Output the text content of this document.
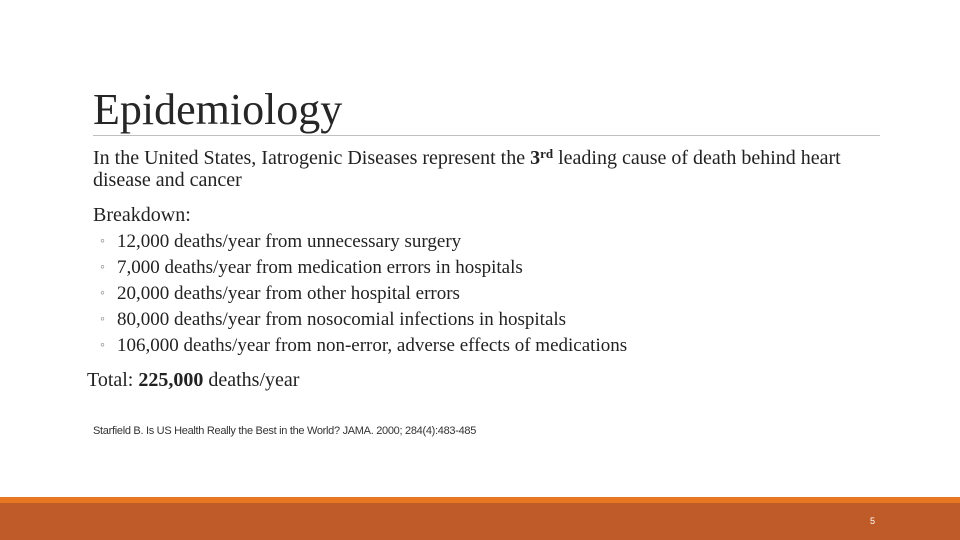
Epidemiology

In the United States, Iatrogenic Diseases represent the 3rd leading cause of death behind heart disease and cancer

Breakdown:

◦ 12,000 deaths/year from unnecessary surgery
◦ 7,000 deaths/year from medication errors in hospitals
◦ 20,000 deaths/year from other hospital errors
◦ 80,000 deaths/year from nosocomial infections in hospitals
◦ 106,000 deaths/year from non-error, adverse effects of medications

Total: 225,000 deaths/year

Starfield B. Is US Health Really the Best in the World? JAMA. 2000; 284(4):483-485

5
